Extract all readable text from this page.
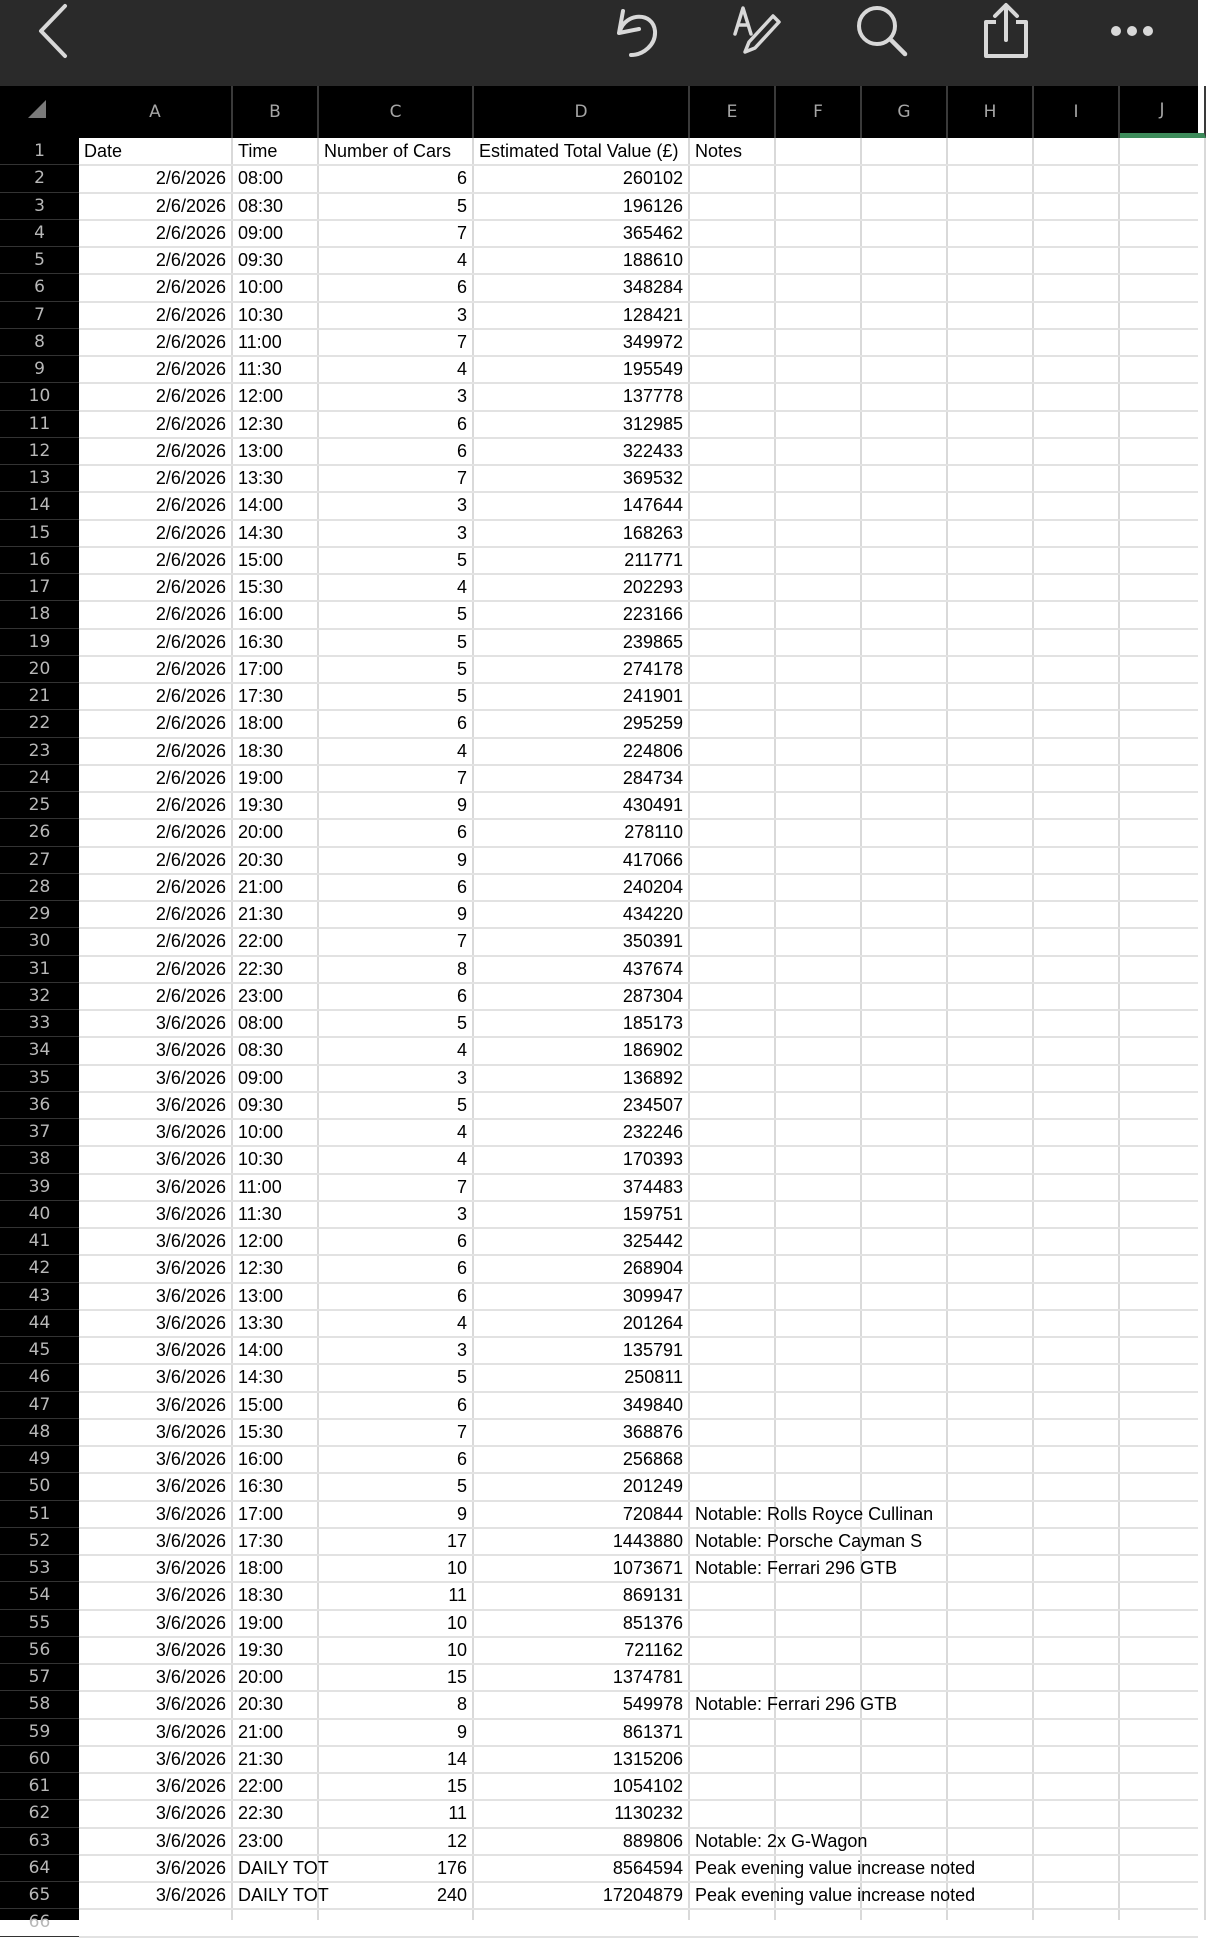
A	B	C	D	E	F	G	H	I	J
1
2
3
4
5
6
7
8
9
10
11
12
13
14
15
16
17
18
19
20
21
22
23
24
25
26
27
28
29
30
31
32
33
34
35
36
37
38
39
40
41
42
43
44
45
46
47
48
49
50
51
52
53
54
55
56
57
58
59
60
61
62
63
64
65
66
Date	Time	Number of Cars	Estimated Total Value (£) Notes
2/6/2026 08:00	6	260102
2/6/2026 08:30	5	196126
2/6/2026 09:00	7	365462
2/6/2026 09:30	4	188610
2/6/2026 10:00	6	348284
2/6/2026 10:30	3	128421
2/6/2026 11:00	7	349972
2/6/2026 11:30	4	195549
2/6/2026 12:00	3	137778
2/6/2026 12:30	6	312985
2/6/2026 13:00	6	322433
2/6/2026 13:30	7	369532
2/6/2026 14:00	3	147644
2/6/2026 14:30	3	168263
2/6/2026 15:00	5	211771
2/6/2026 15:30	4	202293
2/6/2026 16:00	5	223166
2/6/2026 16:30	5	239865
2/6/2026 17:00	5	274178
2/6/2026 17:30	5	241901
2/6/2026 18:00	6	295259
2/6/2026 18:30	4	224806
2/6/2026 19:00	7	284734
2/6/2026 19:30	9	430491
2/6/2026 20:00	6	278110
2/6/2026 20:30	9	417066
2/6/2026 21:00	6	240204
2/6/2026 21:30	9	434220
2/6/2026 22:00	7	350391
2/6/2026 22:30	8	437674
2/6/2026 23:00	6	287304
3/6/2026 08:00	5	185173
3/6/2026 08:30	4	186902
3/6/2026 09:00	3	136892
3/6/2026 09:30	5	234507
3/6/2026 10:00	4	232246
3/6/2026 10:30	4	170393
3/6/2026 11:00	7	374483
3/6/2026 11:30	3	159751
3/6/2026 12:00	6	325442
3/6/2026 12:30	6	268904
3/6/2026 13:00	6	309947
3/6/2026 13:30	4	201264
3/6/2026 14:00	3	135791
3/6/2026 14:30	5	250811
3/6/2026 15:00	6	349840
3/6/2026 15:30	7	368876
3/6/2026 16:00	6	256868
3/6/2026 16:30	5	201249
3/6/2026 17:00	9	720844 Notable: Rolls Royce Cullinan
3/6/2026 17:30	17	1443880 Notable: Porsche Cayman S
3/6/2026 18:00	10	1073671 Notable: Ferrari 296 GTB
3/6/2026 18:30	11	869131
3/6/2026 19:00	10	851376
3/6/2026 19:30	10	721162
3/6/2026 20:00	15	1374781
3/6/2026 20:30	8	549978 Notable: Ferrari 296 GTB
3/6/2026 21:00	9	861371
3/6/2026 21:30	14	1315206
3/6/2026 22:00	15	1054102
3/6/2026 22:30	11	1130232
3/6/2026 23:00	12	889806 Notable: 2x G-Wagon
3/6/2026 DAILY TOT	176	8564594 Peak evening value increase noted
3/6/2026 DAILY TOT	240	17204879 Peak evening value increase noted
